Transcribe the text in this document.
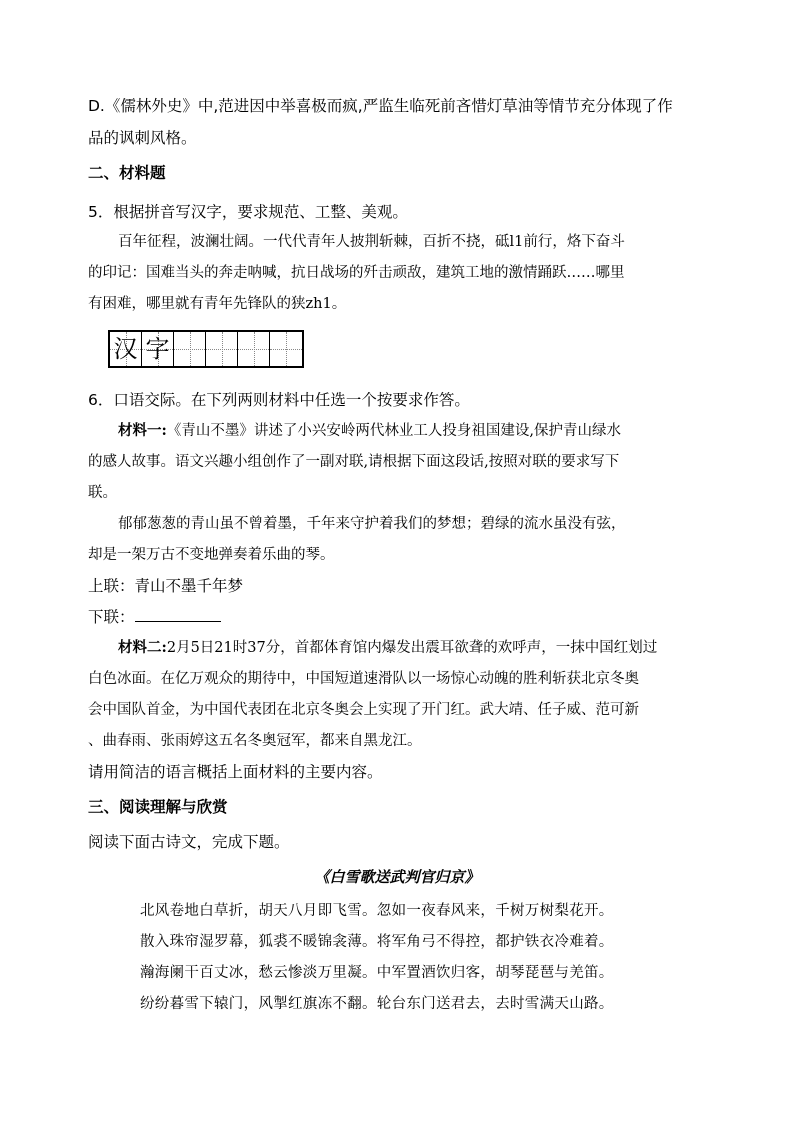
D.《儒林外史》中,范进因中举喜极而疯,严监生临死前吝惜灯草油等情节充分体现了作
品的讽刺风格。
二、材料题
5．根据拼音写汉字，要求规范、工整、美观。
百年征程，波澜壮阔。一代代青年人披荆斩棘，百折不挠，砥l1前行，烙下奋斗
的印记：国难当头的奔走呐喊，抗日战场的歼击顽敌，建筑工地的激情踊跃……哪里
有困难，哪里就有青年先锋队的狭zh1。
汉 字
6．口语交际。在下列两则材料中任选一个按要求作答。
材料一:《青山不墨》讲述了小兴安岭两代林业工人投身祖国建设,保护青山绿水
的感人故事。语文兴趣小组创作了一副对联,请根据下面这段话,按照对联的要求写下
联。
郁郁葱葱的青山虽不曾着墨，千年来守护着我们的梦想；碧绿的流水虽没有弦，
却是一架万古不变地弹奏着乐曲的琴。
上联：青山不墨千年梦
下联：
材料二:2月5日21时37分，首都体育馆内爆发出震耳欲聋的欢呼声，一抹中国红划过
白色冰面。在亿万观众的期待中，中国短道速滑队以一场惊心动魄的胜利斩获北京冬奥
会中国队首金，为中国代表团在北京冬奥会上实现了开门红。武大靖、任子威、范可新
、曲春雨、张雨婷这五名冬奥冠军，都来自黑龙江。
请用简洁的语言概括上面材料的主要内容。
三、阅读理解与欣赏
阅读下面古诗文，完成下题。
《白雪歌送武判官归京》
北风卷地白草折，胡天八月即飞雪。忽如一夜春风来，千树万树梨花开。
散入珠帘湿罗幕，狐裘不暖锦衾薄。将军角弓不得控，都护铁衣冷难着。
瀚海阑干百丈冰，愁云惨淡万里凝。中军置酒饮归客，胡琴琵琶与羌笛。
纷纷暮雪下辕门，风掣红旗冻不翻。轮台东门送君去，去时雪满天山路。
